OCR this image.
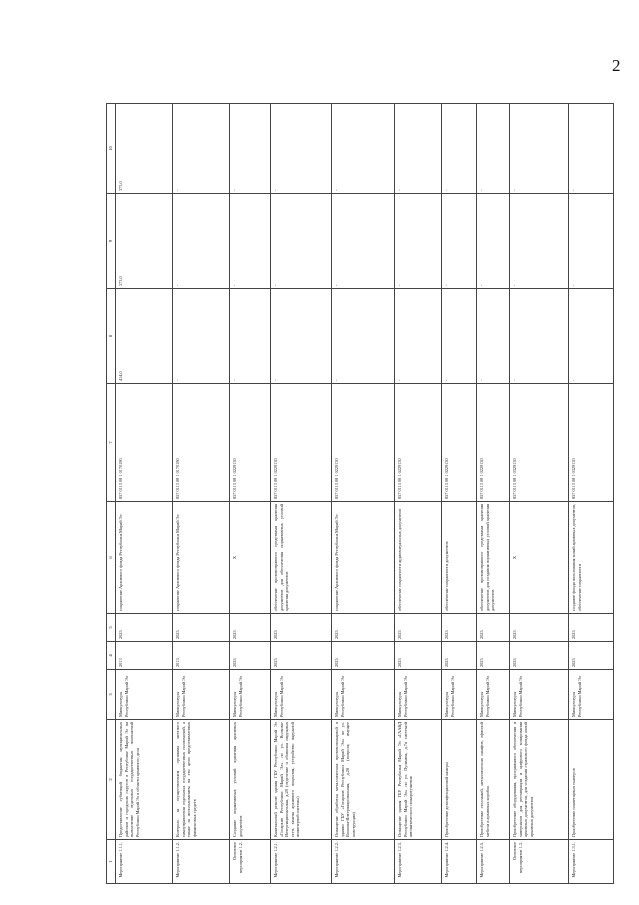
2
1	2	3	4	5	6	7	8	9	10
Мероприятие 1.1.1.	Предоставление субвенций бюджетам муниципальных районов и городских округов в Республике Марий Эл на выполнение отдельных государственных полномочий Республики Марий Эл в области архивного дела	Минкультуры Республики Марий Эл	2013	2025	сохранение Архивного фонда Республики Марий Эл	857 0113 08 1 0170180	414,0	373,0	373,0
Мероприятие 1.1.2.	Контроль за осуществлением органами местного самоуправления отдельных государственных полномочий, а также за использованием на эти цели предоставленных финансовых средств	Минкультуры Республики Марий Эл	2013	2025	сохранение Архивного фонда Республики Марий Эл	857 0113 08 1 0170180	-	-	-
Основное мероприятие 1.2.	Создание нормативных условий хранения архивных документов	Минкультуры Республики Марий Эл	2025	2025	Х	857 0113 08 1 0229130	-	-	-
Мероприятие 1.2.1.	Капитальный ремонт здания ГБУ Республики Марий Эл «Госархив Республики Марий Эл» по ул. Волкова-Интернациональная, д.28 (отделение и обивочка наружных стен, замена архивного покрытия, устройство наружной инженерной системы)	Минкультуры Республики Марий Эл	2025	2025	обеспечение противоправного средствами хранения документов для обеспечения нормативных условий хранения документов	857 0113 08 1 0229130	-	-	-
Мероприятие 1.2.2.	Оснащение обработка металлических противопожарной в здании ГБУ «Госархив Республики Марий Эл» по ул. Волкова-Интернациональная, д.28 (вопроса, имущее конструкции)	Минкультуры Республики Марий Эл	2025	2025	сохранение Архивного фонда Республики Марий Эл	857 0113 08 1 0229130	-	-	-
Мероприятие 1.2.3.	Оснащение здания ГБУ Республики Марий Эл «ГААВД Республики Марий Эл» по ул. Пушкина, д.7а системой автоматического пожаротушения	Минкультуры Республики Марий Эл	2025	2025	обеспечение сохранности аудиовизуальных документов	857 0113 08 1 0229130	-	-	-
Мероприятие 1.2.4.	Приобретение дезинфекционной камеры	Минкультуры Республики Марий Эл	2025	2025	обеспечение сохранности документов	857 0113 08 1 0229130	-	-	-
Мероприятие 1.2.5.	Приобретение стеллажей, металлических шкафов, офисной мебели и архивных коробок	Минкультуры Республики Марий Эл	2025	2025	обеспечение противоправного средствами хранения документов для создания нормативных условий хранения документов	857 0113 08 1 0229130	-	-	-
Основное мероприятие 1.3.	Приобретение оборудования, программного обеспечения и материалов для реставрации и цифрового копирования архивных документов, для создания страхового фонда копий архивных документов	Минкультуры Республики Марий Эл	2025	2025	Х	857 0113 08 1 0329130	-	-	-
Мероприятие 1.3.1.	Приобретение планетарных сканеров	Минкультуры Республики Марий Эл	2025	2025	создание фонда пользования копий архивных документов, обеспечение сохранности	857 0113 08 1 0329130	-	-	-
